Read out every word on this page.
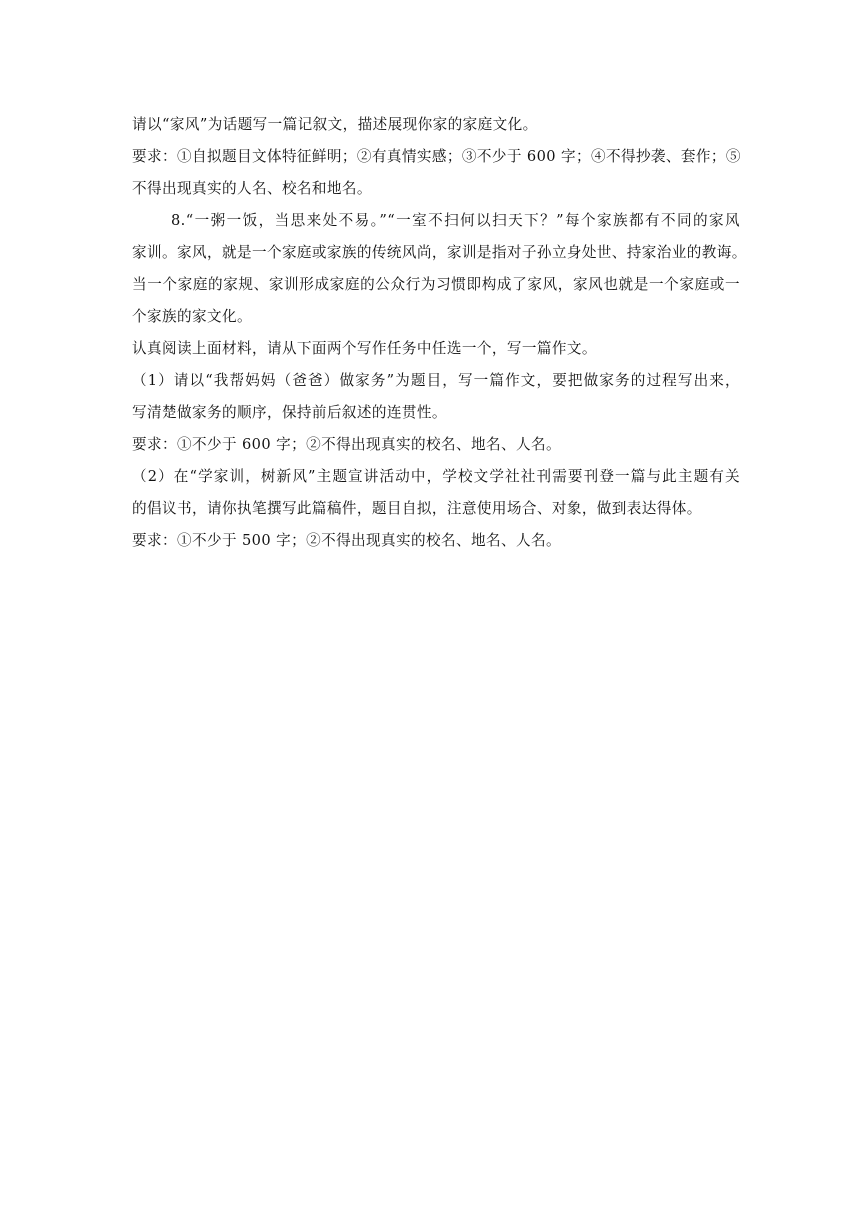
请以“家风”为话题写一篇记叙文，描述展现你家的家庭文化。
要求：①自拟题目文体特征鲜明；②有真情实感；③不少于 600 字；④不得抄袭、套作；⑤
不得出现真实的人名、校名和地名。
8.“一粥一饭，当思来处不易。”“一室不扫何以扫天下？”每个家族都有不同的家风
家训。家风，就是一个家庭或家族的传统风尚，家训是指对子孙立身处世、持家治业的教诲。
当一个家庭的家规、家训形成家庭的公众行为习惯即构成了家风，家风也就是一个家庭或一
个家族的家文化。
认真阅读上面材料，请从下面两个写作任务中任选一个，写一篇作文。
（1）请以“我帮妈妈（爸爸）做家务”为题目，写一篇作文，要把做家务的过程写出来，
写清楚做家务的顺序，保持前后叙述的连贯性。
要求：①不少于 600 字；②不得出现真实的校名、地名、人名。
（2）在“学家训，树新风”主题宣讲活动中，学校文学社社刊需要刊登一篇与此主题有关
的倡议书，请你执笔撰写此篇稿件，题目自拟，注意使用场合、对象，做到表达得体。
要求：①不少于 500 字；②不得出现真实的校名、地名、人名。
